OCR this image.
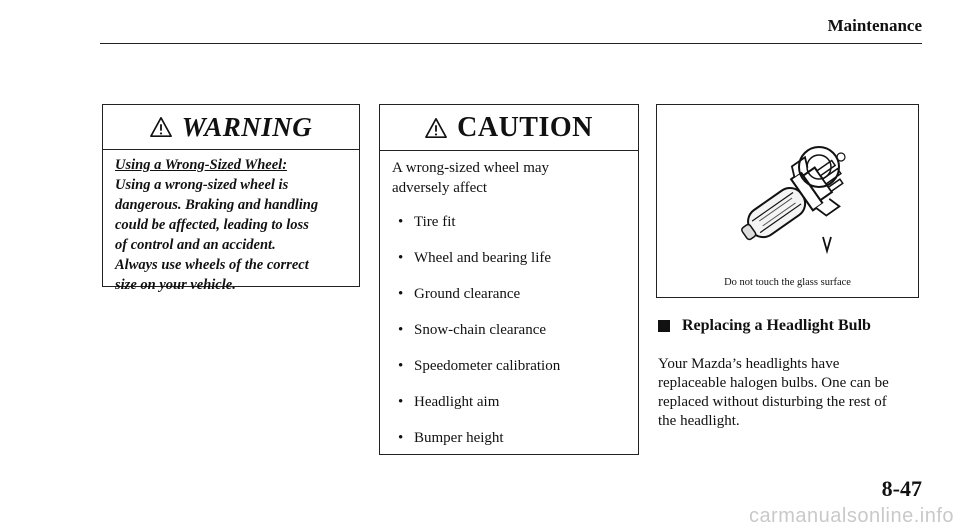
Maintenance
WARNING
Using a Wrong-Sized Wheel:
Using a wrong-sized wheel is
dangerous. Braking and handling
could be affected, leading to loss
of control and an accident.
Always use wheels of the correct
size on your vehicle.
CAUTION
A wrong-sized wheel may
adversely affect
• Tire fit
• Wheel and bearing life
• Ground clearance
• Snow-chain clearance
• Speedometer calibration
• Headlight aim
• Bumper height
Do not touch the glass surface
Replacing a Headlight Bulb
Your Mazda’s headlights have
replaceable halogen bulbs. One can be
replaced without disturbing the rest of
the headlight.
8-47
carmanualsonline.info
